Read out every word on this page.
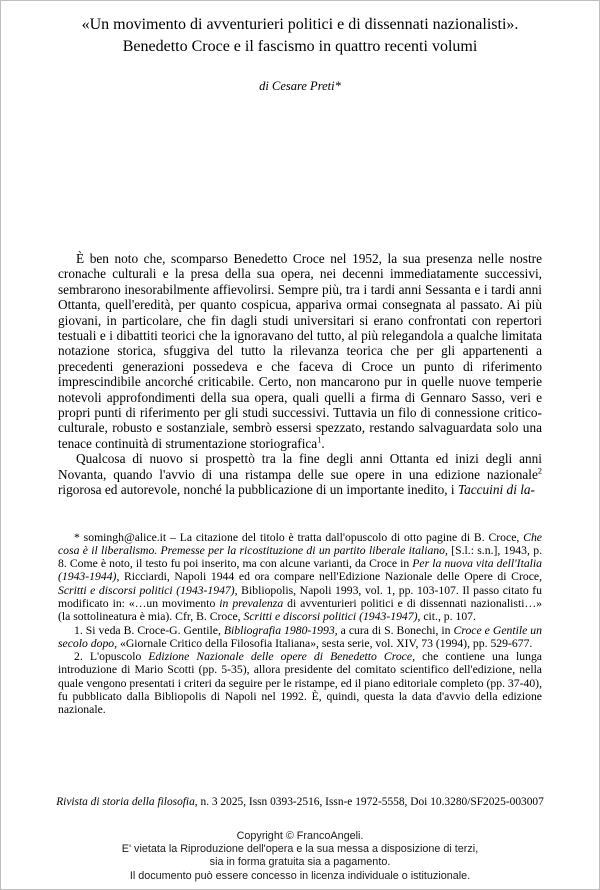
«Un movimento di avventurieri politici e di dissennati nazionalisti».
Benedetto Croce e il fascismo in quattro recenti volumi
di Cesare Preti*

È ben noto che, scomparso Benedetto Croce nel 1952, la sua presenza nelle nostre cronache culturali e la presa della sua opera, nei decenni immediatamente successivi, sembrarono inesorabilmente affievolirsi. Sempre più, tra i tardi anni Sessanta e i tardi anni Ottanta, quell'eredità, per quanto cospicua, appariva ormai consegnata al passato. Ai più giovani, in particolare, che fin dagli studi universitari si erano confrontati con repertori testuali e i dibattiti teorici che la ignoravano del tutto, al più relegandola a qualche limitata notazione storica, sfuggiva del tutto la rilevanza teorica che per gli appartenenti a precedenti generazioni possedeva e che faceva di Croce un punto di riferimento imprescindibile ancorché criticabile. Certo, non mancarono pur in quelle nuove temperie notevoli approfondimenti della sua opera, quali quelli a firma di Gennaro Sasso, veri e propri punti di riferimento per gli studi successivi. Tuttavia un filo di connessione critico-culturale, robusto e sostanziale, sembrò essersi spezzato, restando salvaguardata solo una tenace continuità di strumentazione storiografica$^1$.

Qualcosa di nuovo si prospettò tra la fine degli anni Ottanta ed inizi degli anni Novanta, quando l'avvio di una ristampa delle sue opere in una edizione nazionale$^2$ rigorosa ed autorevole, nonché la pubblicazione di un importante inedito, i Taccuini di la-

* somingh@alice.it – La citazione del titolo è tratta dall'opuscolo di otto pagine di B. Croce, Che cosa è il liberalismo. Premesse per la ricostituzione di un partito liberale italiano, [S.l.: s.n.], 1943, p. 8. Come è noto, il testo fu poi inserito, ma con alcune varianti, da Croce in Per la nuova vita dell'Italia (1943-1944), Ricciardi, Napoli 1944 ed ora compare nell'Edizione Nazionale delle Opere di Croce, Scritti e discorsi politici (1943-1947), Bibliopolis, Napoli 1993, vol. 1, pp. 103-107. Il passo citato fu modificato in: «…un movimento in prevalenza di avventurieri politici e di dissennati nazionalisti…» (la sottolineatura è mia). Cfr, B. Croce, Scritti e discorsi politici (1943-1947), cit., p. 107.

1. Si veda B. Croce-G. Gentile, Bibliografia 1980-1993, a cura di S. Bonechi, in Croce e Gentile un secolo dopo, «Giornale Critico della Filosofia Italiana», sesta serie, vol. XIV, 73 (1994), pp. 529-677.

2. L'opuscolo Edizione Nazionale delle opere di Benedetto Croce, che contiene una lunga introduzione di Mario Scotti (pp. 5-35), allora presidente del comitato scientifico dell'edizione, nella quale vengono presentati i criteri da seguire per le ristampe, ed il piano editoriale completo (pp. 37-40), fu pubblicato dalla Bibliopolis di Napoli nel 1992. È, quindi, questa la data d'avvio della edizione nazionale.

Rivista di storia della filosofia, n. 3 2025, Issn 0393-2516, Issn-e 1972-5558, Doi 10.3280/SF2025-003007
Copyright © FrancoAngeli.
E' vietata la Riproduzione dell'opera e la sua messa a disposizione di terzi,
sia in forma gratuita sia a pagamento.
Il documento può essere concesso in licenza individuale o istituzionale.
